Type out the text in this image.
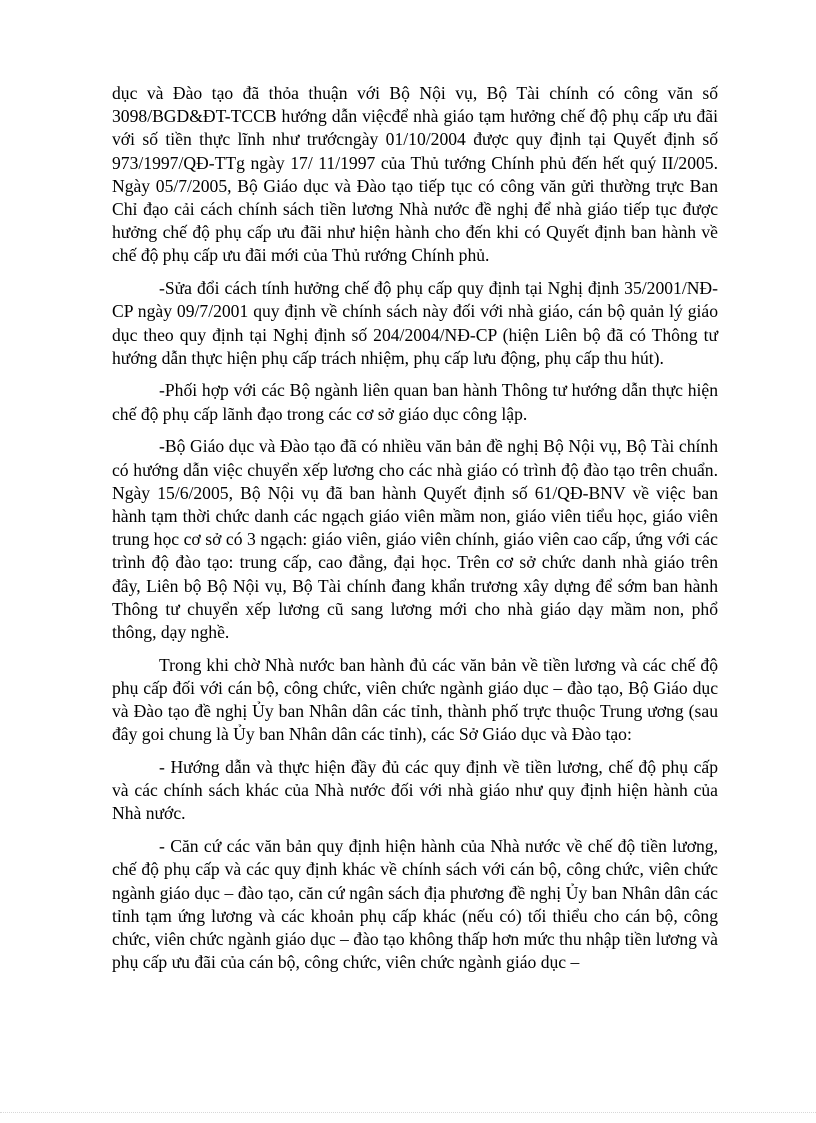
dục và Đào tạo đã thỏa thuận với Bộ Nội vụ, Bộ Tài chính có công văn số 3098/BGD&ĐT-TCCB hướng dẫn việcđể nhà giáo tạm hưởng chế độ phụ cấp ưu đãi với số tiền thực lĩnh như trướcngày 01/10/2004 được quy định tại Quyết định số 973/1997/QĐ-TTg ngày 17/ 11/1997 của Thủ tướng Chính phủ đến hết quý II/2005. Ngày 05/7/2005, Bộ Giáo dục và Đào tạo tiếp tục có công văn gửi thường trực Ban Chỉ đạo cải cách chính sách tiền lương Nhà nước đề nghị để nhà giáo tiếp tục được hưởng chế độ phụ cấp ưu đãi như hiện hành cho đến khi có Quyết định ban hành về chế độ phụ cấp ưu đãi mới của Thủ rướng Chính phủ.

-Sửa đổi cách tính hưởng chế độ phụ cấp quy định tại Nghị định 35/2001/NĐ-CP ngày 09/7/2001 quy định về chính sách này đối với nhà giáo, cán bộ quản lý giáo dục theo quy định tại Nghị định số 204/2004/NĐ-CP (hiện Liên bộ đã có Thông tư hướng dẫn thực hiện phụ cấp trách nhiệm, phụ cấp lưu động, phụ cấp thu hút).

-Phối hợp với các Bộ ngành liên quan ban hành Thông tư hướng dẫn thực hiện chế độ phụ cấp lãnh đạo trong các cơ sở giáo dục công lập.

-Bộ Giáo dục và Đào tạo đã có nhiều văn bản đề nghị Bộ Nội vụ, Bộ Tài chính có hướng dẫn việc chuyển xếp lương cho các nhà giáo có trình độ đào tạo trên chuẩn. Ngày 15/6/2005, Bộ Nội vụ đã ban hành Quyết định số 61/QĐ-BNV về việc ban hành tạm thời chức danh các ngạch giáo viên mầm non, giáo viên tiểu học, giáo viên trung học cơ sở có 3 ngạch: giáo viên, giáo viên chính, giáo viên cao cấp, ứng với các trình độ đào tạo: trung cấp, cao đẳng, đại học. Trên cơ sở chức danh nhà giáo trên đây, Liên bộ Bộ Nội vụ, Bộ Tài chính đang khẩn trương xây dựng để sớm ban hành Thông tư chuyển xếp lương cũ sang lương mới cho nhà giáo dạy mầm non, phổ thông, dạy nghề.

Trong khi chờ Nhà nước ban hành đủ các văn bản về tiền lương và các chế độ phụ cấp đối với cán bộ, công chức, viên chức ngành giáo dục – đào tạo, Bộ Giáo dục và Đào tạo đề nghị Ủy ban Nhân dân các tỉnh, thành phố trực thuộc Trung ương (sau đây goi chung là Ủy ban Nhân dân các tỉnh), các Sở Giáo dục và Đào tạo:

- Hướng dẫn và thực hiện đầy đủ các quy định về tiền lương, chế độ phụ cấp và các chính sách khác của Nhà nước đối với nhà giáo như quy định hiện hành của Nhà nước.

- Căn cứ các văn bản quy định hiện hành của Nhà nước về chế độ tiền lương, chế độ phụ cấp và các quy định khác về chính sách với cán bộ, công chức, viên chức ngành giáo dục – đào tạo, căn cứ ngân sách địa phương đề nghị Ủy ban Nhân dân các tỉnh tạm ứng lương và các khoản phụ cấp khác (nếu có) tối thiểu cho cán bộ, công chức, viên chức ngành giáo dục – đào tạo không thấp hơn mức thu nhập tiền lương và phụ cấp ưu đãi của cán bộ, công chức, viên chức ngành giáo dục –
